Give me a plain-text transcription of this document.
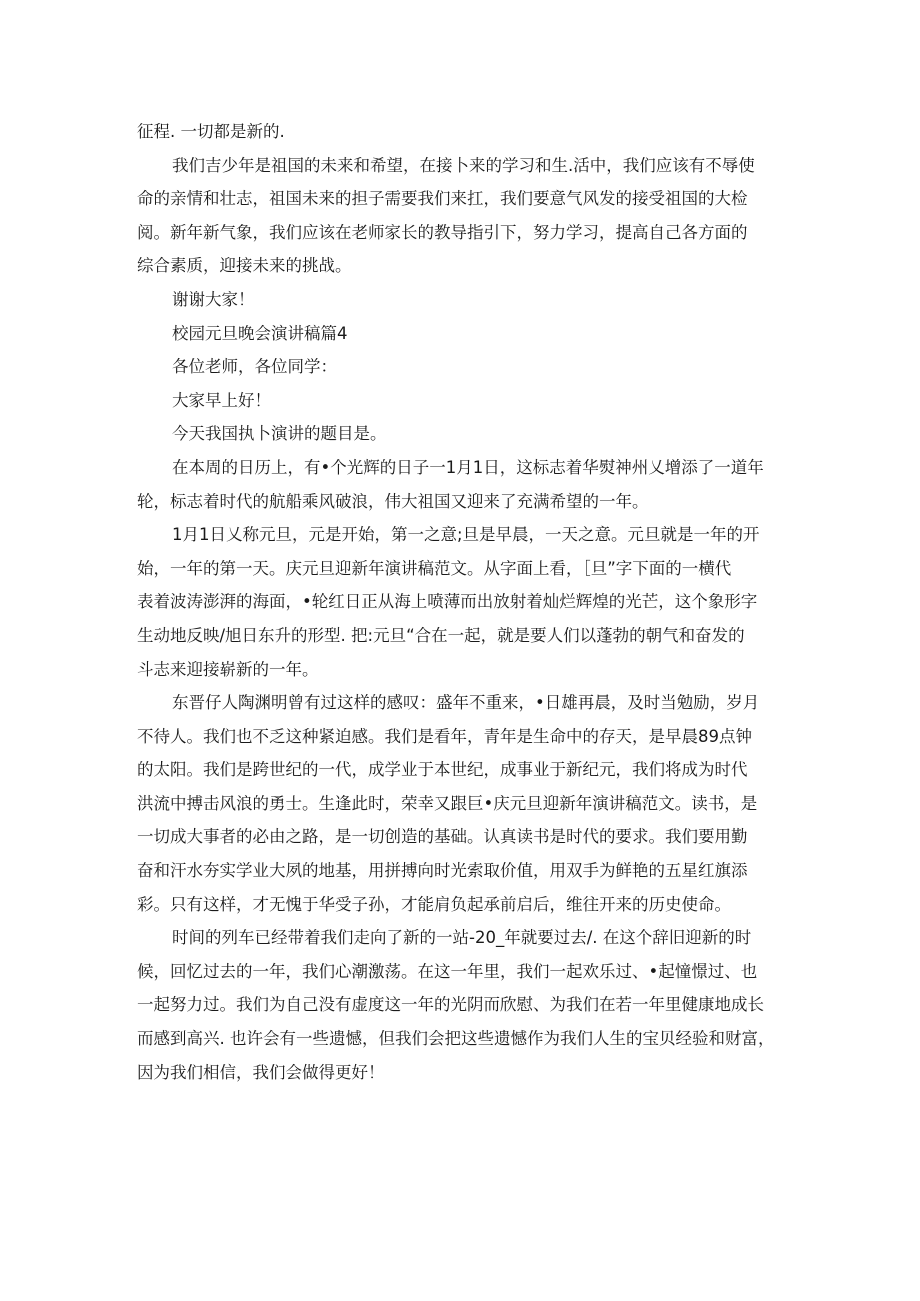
征程. 一切都是新的.
我们吉少年是祖国的未来和希望，在接卜来的学习和生.活中，我们应该有不辱使
命的亲情和壮志，祖国未来的担子需要我们来扛，我们要意气风发的接受祖国的大检
阅。新年新气象，我们应该在老师家长的教导指引下，努力学习，提高自己各方面的
综合素质，迎接未来的挑战。
谢谢大家！
校园元旦晚会演讲稿篇4
各位老师，各位同学：
大家早上好！
今天我国执卜演讲的题目是。
在本周的日历上，有•个光辉的日子一1月1日，这标志着华熨神州乂增添了一道年
轮，标志着时代的航船乘风破浪，伟大祖国又迎来了充满希望的一年。
1月1日乂称元旦，元是开始，第一之意;旦是早晨，一天之意。元旦就是一年的开
始，一年的第一天。庆元旦迎新年演讲稿范文。从字面上看，［旦”字下面的一横代
表着波涛澎湃的海面，•轮红日正从海上喷薄而出放射着灿烂辉煌的光芒，这个象形字
生动地反映/旭日东升的形型. 把:元旦“合在一起，就是要人们以蓬勃的朝气和奋发的
斗志来迎接崭新的一年。
东晋仔人陶渊明曾有过这样的感叹：盛年不重来，•日雄再晨，及时当勉励，岁月
不待人。我们也不乏这种紧迫感。我们是看年，青年是生命中的存天，是早晨89点钟
的太阳。我们是跨世纪的一代，成学业于本世纪，成事业于新纪元，我们将成为时代
洪流中搏击风浪的勇士。生逢此时，荣幸又跟巨•庆元旦迎新年演讲稿范文。读书，是
一切成大事者的必由之路，是一切创造的基础。认真读书是时代的要求。我们要用勤
奋和汗水夯实学业大夙的地基，用拼搏向时光索取价值，用双手为鲜艳的五星红旗添
彩。只有这样，才无愧于华受子孙，才能肩负起承前启后，维往开来的历史使命。
时间的列车已经带着我们走向了新的一站-20_年就要过去/. 在这个辞旧迎新的时
候，回忆过去的一年，我们心潮激荡。在这一年里，我们一起欢乐过、•起憧憬过、也
一起努力过。我们为自己没有虚度这一年的光阴而欣慰、为我们在若一年里健康地成长
而感到高兴. 也许会有一些遗憾，但我们会把这些遗憾作为我们人生的宝贝经验和财富，
因为我们相信，我们会做得更好！
